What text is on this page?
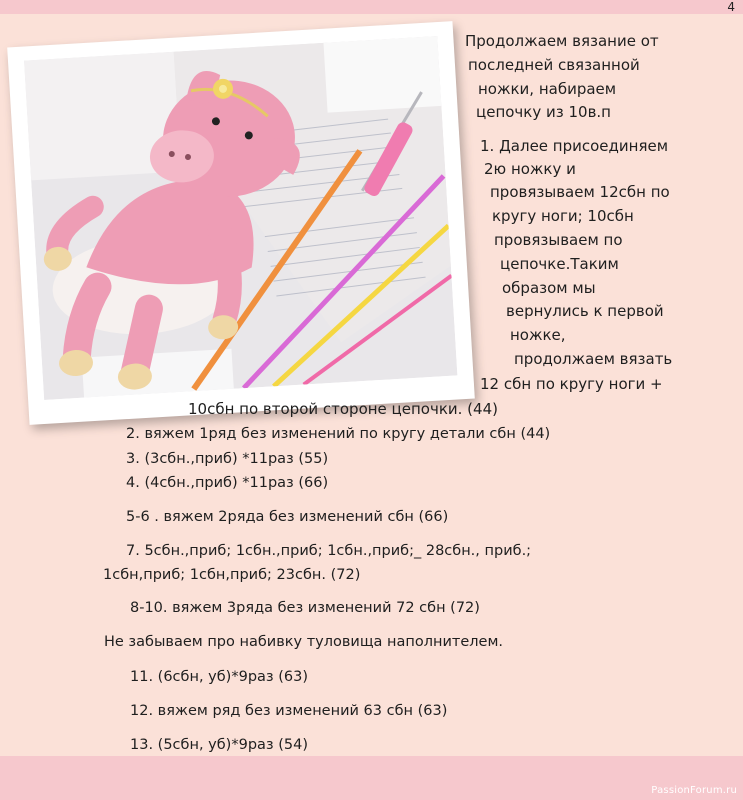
4
Продолжаем вязание от
последней связанной
ножки, набираем
цепочку из 10в.п
1. Далее присоединяем
2ю ножку и
провязываем 12сбн по
кругу ноги; 10сбн
провязываем по
цепочке.Таким
образом мы
вернулись к первой
ножке,
продолжаем вязать
12 сбн по кругу ноги +
10сбн по второй стороне цепочки. (44)
2. вяжем 1ряд без изменений по кругу детали сбн (44)
3. (3сбн.,приб) *11раз (55)
4. (4сбн.,приб) *11раз (66)
5-6 . вяжем 2ряда без изменений сбн (66)
7. 5сбн.,приб; 1сбн.,приб; 1сбн.,приб;_ 28сбн., приб.;
1сбн,приб; 1сбн,приб; 23сбн. (72)
8-10. вяжем 3ряда без изменений 72 сбн (72)
Не забываем про набивку туловища наполнителем.
11. (6сбн, уб)*9раз (63)
12. вяжем ряд без изменений 63 сбн (63)
13. (5сбн, уб)*9раз (54)
PassionForum.ru
